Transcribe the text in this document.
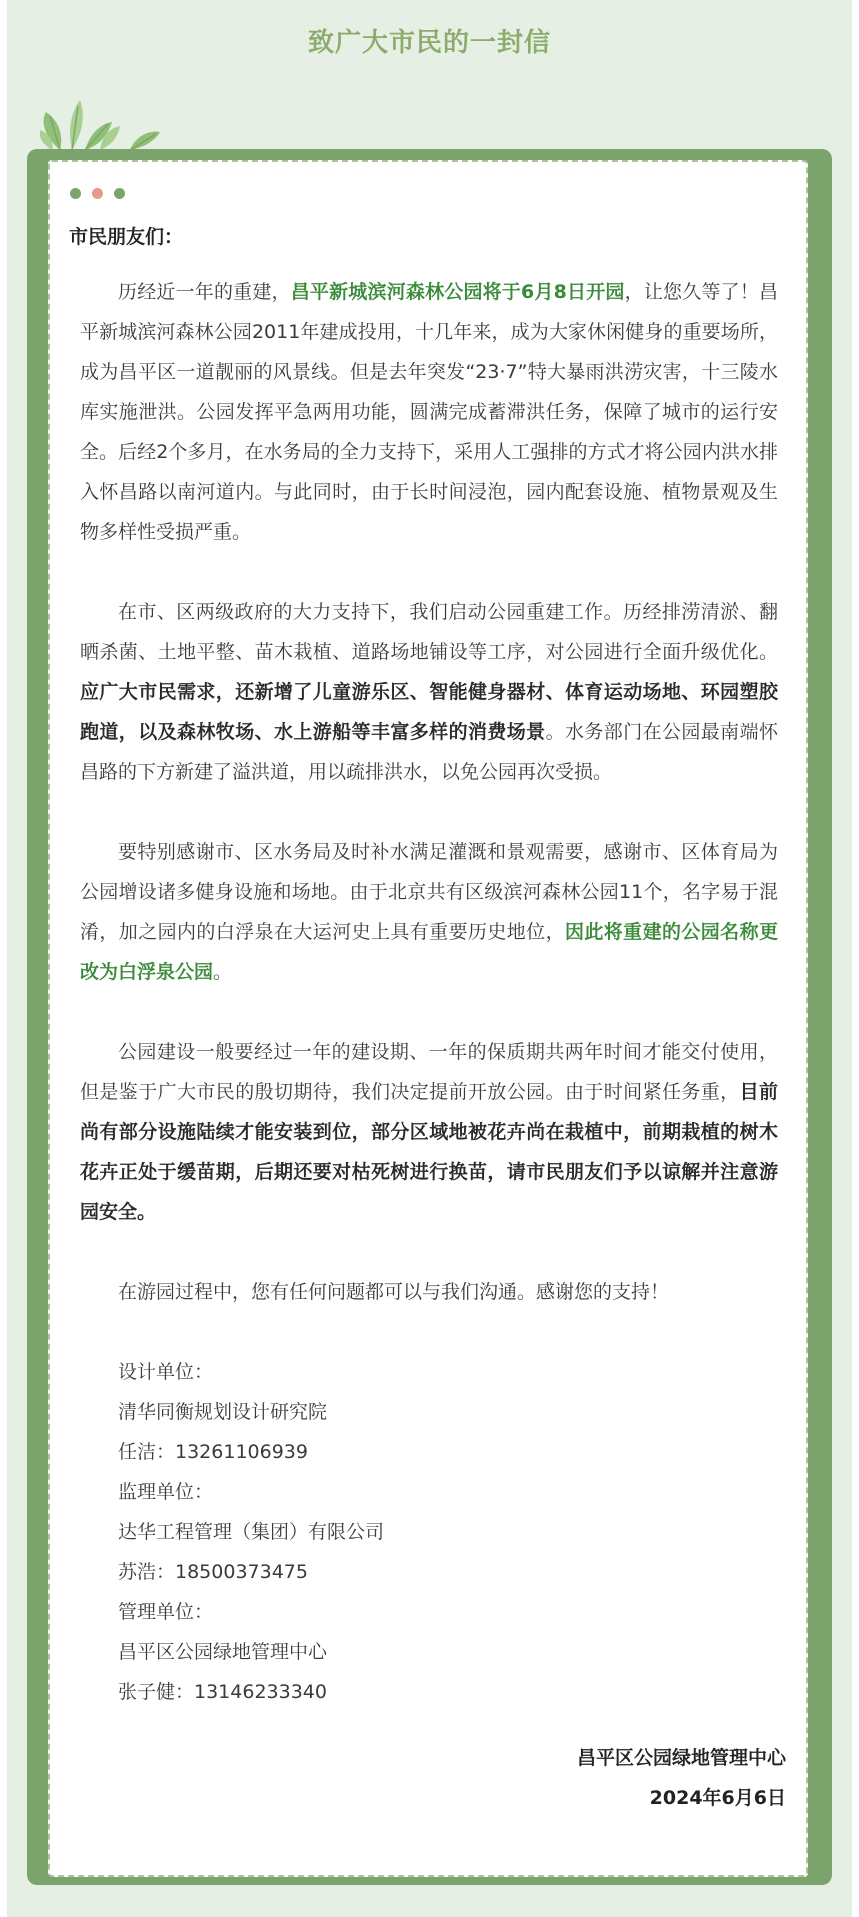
致广大市民的一封信

市民朋友们：

历经近一年的重建，昌平新城滨河森林公园将于6月8日开园，让您久等了！昌平新城滨河森林公园2011年建成投用，十几年来，成为大家休闲健身的重要场所，成为昌平区一道靓丽的风景线。但是去年突发“23·7”特大暴雨洪涝灾害，十三陵水库实施泄洪。公园发挥平急两用功能，圆满完成蓄滞洪任务，保障了城市的运行安全。后经2个多月，在水务局的全力支持下，采用人工强排的方式才将公园内洪水排入怀昌路以南河道内。与此同时，由于长时间浸泡，园内配套设施、植物景观及生物多样性受损严重。

在市、区两级政府的大力支持下，我们启动公园重建工作。历经排涝清淤、翻晒杀菌、土地平整、苗木栽植、道路场地铺设等工序，对公园进行全面升级优化。应广大市民需求，还新增了儿童游乐区、智能健身器材、体育运动场地、环园塑胶跑道，以及森林牧场、水上游船等丰富多样的消费场景。水务部门在公园最南端怀昌路的下方新建了溢洪道，用以疏排洪水，以免公园再次受损。

要特别感谢市、区水务局及时补水满足灌溉和景观需要，感谢市、区体育局为公园增设诸多健身设施和场地。由于北京共有区级滨河森林公园11个，名字易于混淆，加之园内的白浮泉在大运河史上具有重要历史地位，因此将重建的公园名称更改为白浮泉公园。

公园建设一般要经过一年的建设期、一年的保质期共两年时间才能交付使用，但是鉴于广大市民的殷切期待，我们决定提前开放公园。由于时间紧任务重，目前尚有部分设施陆续才能安装到位，部分区域地被花卉尚在栽植中，前期栽植的树木花卉正处于缓苗期，后期还要对枯死树进行换苗，请市民朋友们予以谅解并注意游园安全。

在游园过程中，您有任何问题都可以与我们沟通。感谢您的支持！

设计单位：
清华同衡规划设计研究院
任洁：13261106939
监理单位：
达华工程管理（集团）有限公司
苏浩：18500373475
管理单位：
昌平区公园绿地管理中心
张子健：13146233340
昌平区公园绿地管理中心
2024年6月6日
